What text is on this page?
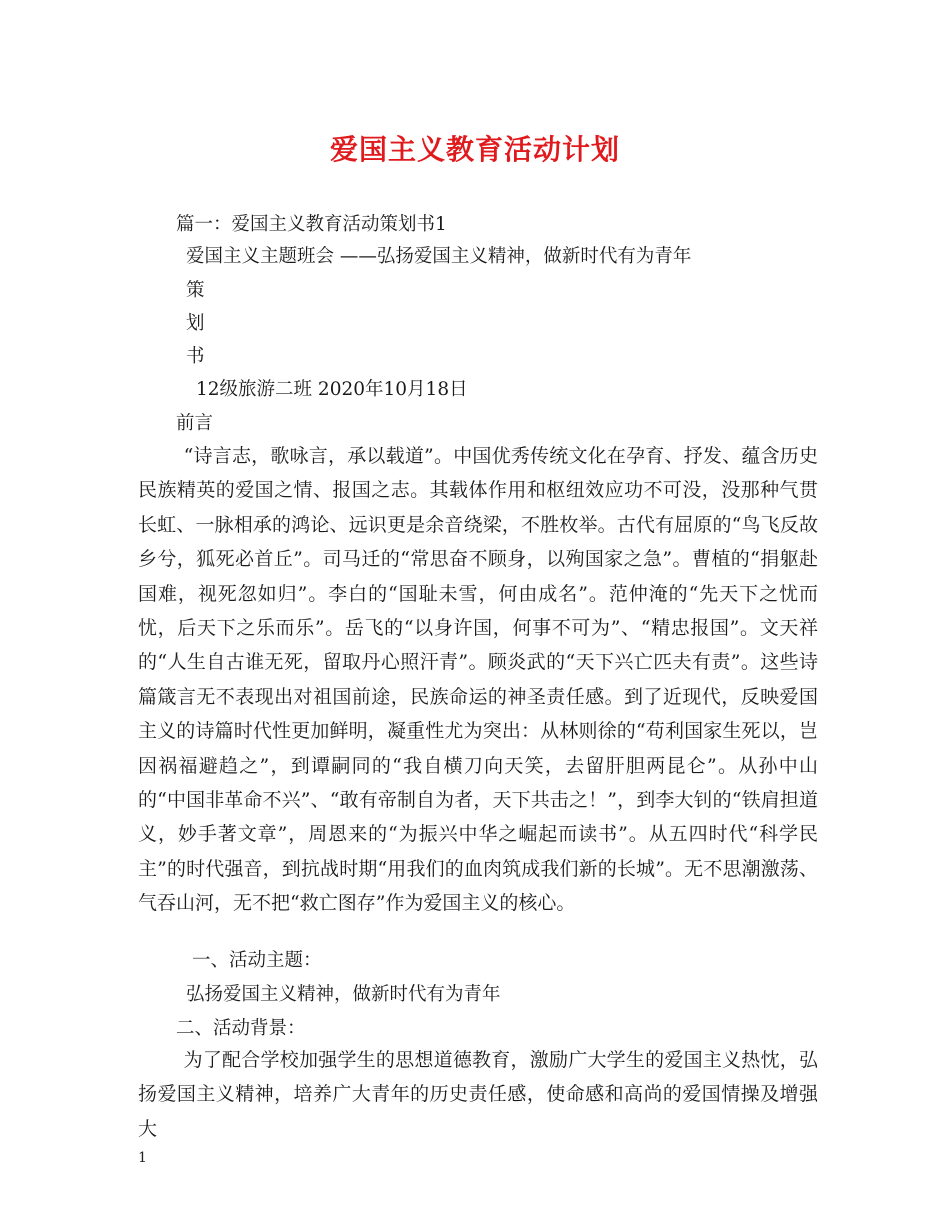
爱国主义教育活动计划
篇一：爱国主义教育活动策划书1
爱国主义主题班会 ——弘扬爱国主义精神，做新时代有为青年
策
划
书
12级旅游二班 2020年10月18日
前言
“诗言志，歌咏言，承以载道”。中国优秀传统文化在孕育、抒发、蕴含历史民族精英的爱国之情、报国之志。其载体作用和枢纽效应功不可没，没那种气贯长虹、一脉相承的鸿论、远识更是余音绕梁，不胜枚举。古代有屈原的“鸟飞反故乡兮，狐死必首丘”。司马迁的“常思奋不顾身，以殉国家之急”。曹植的“捐躯赴国难，视死忽如归”。李白的“国耻未雪，何由成名”。范仲淹的“先天下之忧而忧，后天下之乐而乐”。岳飞的“以身许国，何事不可为”、“精忠报国”。文天祥的“人生自古谁无死，留取丹心照汗青”。顾炎武的“天下兴亡匹夫有责”。这些诗篇箴言无不表现出对祖国前途，民族命运的神圣责任感。到了近现代，反映爱国主义的诗篇时代性更加鲜明，凝重性尤为突出：从林则徐的“苟利国家生死以，岂因祸福避趋之”，到谭嗣同的“我自横刀向天笑，去留肝胆两昆仑”。从孙中山的“中国非革命不兴”、“敢有帝制自为者，天下共击之！”，到李大钊的“铁肩担道义，妙手著文章”，周恩来的“为振兴中华之崛起而读书”。从五四时代“科学民主”的时代强音，到抗战时期“用我们的血肉筑成我们新的长城”。无不思潮激荡、气吞山河，无不把“救亡图存”作为爱国主义的核心。
一、活动主题：
弘扬爱国主义精神，做新时代有为青年
二、活动背景：
为了配合学校加强学生的思想道德教育，激励广大学生的爱国主义热忱，弘扬爱国主义精神，培养广大青年的历史责任感，使命感和高尚的爱国情操及增强大
1
